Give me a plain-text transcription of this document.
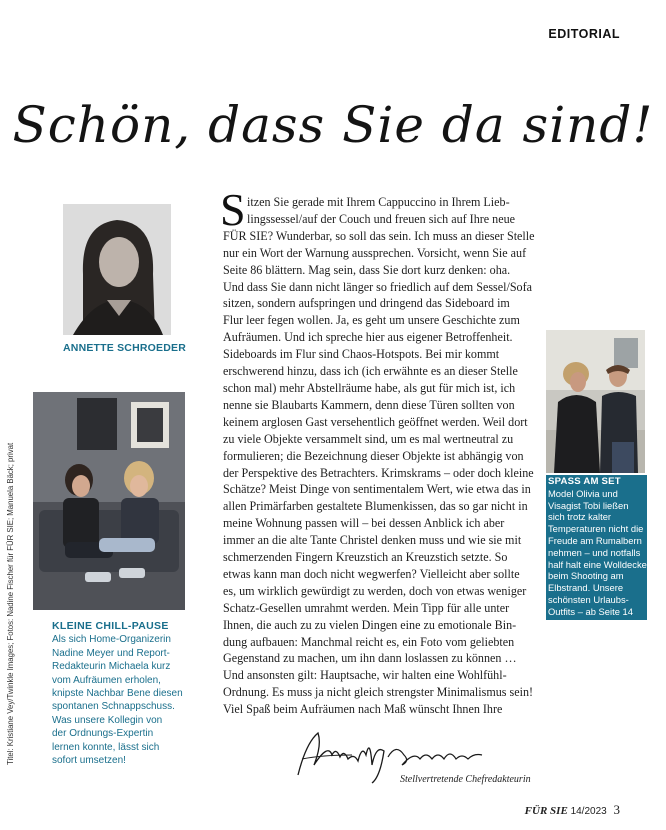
EDITORIAL
Schön, dass Sie da sind!
ANNETTE SCHROEDER
KLEINE CHILL-PAUSE
Als sich Home-Organizerin
Nadine Meyer und Report-
Redakteurin Michaela kurz
vom Aufräumen erholen,
knipste Nachbar Bene diesen
spontanen Schnappschuss.
Was unsere Kollegin von
der Ordnungs-Expertin
lernen konnte, lässt sich
sofort umsetzen!
S itzen Sie gerade mit Ihrem Cappuccino in Ihrem Lieb-

lingssessel/auf der Couch und freuen sich auf Ihre neue

FÜR SIE? Wunderbar, so soll das sein. Ich muss an dieser Stelle

nur ein Wort der Warnung aussprechen. Vorsicht, wenn Sie auf

Seite 86 blättern. Mag sein, dass Sie dort kurz denken: oha.

Und dass Sie dann nicht länger so friedlich auf dem Sessel/Sofa

sitzen, sondern aufspringen und dringend das Sideboard im

Flur leer fegen wollen. Ja, es geht um unsere Geschichte zum

Aufräumen. Und ich spreche hier aus eigener Betroffenheit.

Sideboards im Flur sind Chaos-Hotspots. Bei mir kommt

erschwerend hinzu, dass ich (ich erwähnte es an dieser Stelle

schon mal) mehr Abstellräume habe, als gut für mich ist, ich

nenne sie Blaubarts Kammern, denn diese Türen sollten von

keinem arglosen Gast versehentlich geöffnet werden. Weil dort

zu viele Objekte versammelt sind, um es mal wertneutral zu

formulieren; die Bezeichnung dieser Objekte ist abhängig von

der Perspektive des Betrachters. Krimskrams – oder doch kleine

Schätze? Meist Dinge von sentimentalem Wert, wie etwa das in

allen Primärfarben gestaltete Blumenkissen, das so gar nicht in

meine Wohnung passen will – bei dessen Anblick ich aber

immer an die alte Tante Christel denken muss und wie sie mit

schmerzenden Fingern Kreuzstich an Kreuzstich setzte. So

etwas kann man doch nicht wegwerfen? Vielleicht aber sollte

es, um wirklich gewürdigt zu werden, doch von etwas weniger

Schatz-Gesellen umrahmt werden. Mein Tipp für alle unter

Ihnen, die auch zu zu vielen Dingen eine zu emotionale Bin-

dung aufbauen: Manchmal reicht es, ein Foto vom geliebten

Gegenstand zu machen, um ihn dann loslassen zu können …

Und ansonsten gilt: Hauptsache, wir halten eine Wohlfühl-

Ordnung. Es muss ja nicht gleich strengster Minimalismus sein!

Viel Spaß beim Aufräumen nach Maß wünscht Ihnen Ihre

SPASS AM SET
Model Olivia und
Visagist Tobi ließen
sich trotz kalter
Temperaturen nicht die
Freude am Rumalbern
nehmen – und notfalls
half halt eine Wolldecke
beim Shooting am
Elbstrand. Unsere
schönsten Urlaubs-
Outfits – ab Seite 14
Titel: Kristiane Vey/Twinkle Images; Fotos: Nadine Fischer für FÜR SIE; Manuela Bäck; privat
Stellvertretende Chefredakteurin
FÜR SIE 14/2023 3
